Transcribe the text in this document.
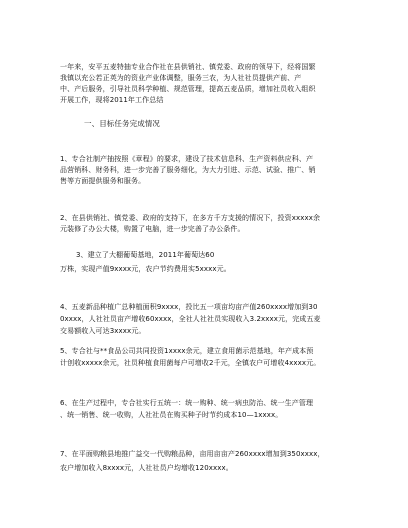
一年来，安平五麦特抽专业合作社在县供销社、镇党委、政府的领导下，经将国繁
我镇以充公若正英为的资业产业体调整，服务三农，为人社社员提供产前、产
中、产后服务，引导社员科学种植、规范管理，提高五麦品质，增加社员收入组织
开展工作，现将2011年工作总结
一、目标任务完成情况
1、专合社制产抽按照《章程》的要求，建设了技术信息科、生产资料供应科、产
品营销科、财务科，进一步完善了服务细化，为大力引进、示范、试验、推广、销
售等方面提供服务和服务。
2、在县供销社、镇党委、政府的支持下，在多方千方支援的情况下，投资xxxxx余
元装修了办公大楼，购置了电脑，进一步完善了办公条件。
3、建立了大棚葡萄基地，2011年葡萄达60
万株，实现产值9xxxx元，农户节约费用实5xxxx元。
4、五麦新品种植广总种植面积9xxxx，投比五一项亩均亩产值260xxxx增加到30
0xxxx，人社社员亩产增收60xxxx，全社人社社员实现收入3.2xxxx元，完成五麦
交易额收入可达3xxxx元。
5、专合社与**食品公司共同投资1xxxx余元，建立食用菌示范基地，年产成本预
计创收xxxxx余元，社员种植食用菌每户可增收2千元，全镇农户可增收4xxxx元。
6、在生产过程中，专合社实行五统一：统一购种、统一病虫防治、统一生产管理
、统一销售、统一收购，人社社员在购买种子时节约成本10—1xxxx。
7、在平面购粮县地推广益交一代购粮品种，亩用亩亩产260xxxx增加到350xxxx，
农户增加收入8xxxx元，人社社员户均增收120xxxx。
